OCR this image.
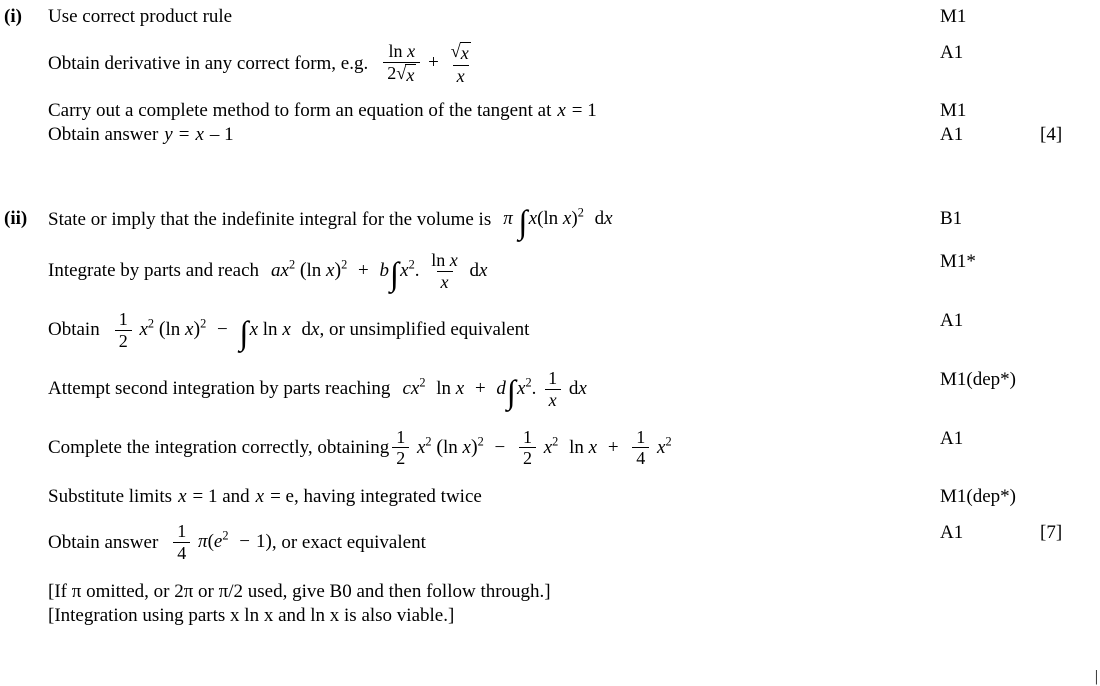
(i)	Use correct product rule	M1
Obtain derivative in any correct form, e.g. $\frac{\text{ln x}}{2 √ x} + \frac{√ x}{x}$	A1
Carry out a complete method to form an equation of the tangent at x = 1	M1
Obtain answer y = x – 1	A1	[4]
(ii)	State or imply that the indefinite integral for the volume is π ∫x(ln x)$^2$ dx	B1
Integrate by parts and reach $ax^2$ (ln $x)^2 + b\int x^2$. $\frac{\text{ln x}}{x}$ dx	M1*
Obtain $\frac{1}{2} x^2$ (ln x)$^2$ − ∫x ln x dx , or unsimplified equivalent	A1
Attempt second integration by parts reaching $cx^2$ $\ln x + d\int x^2$. $\frac{1}{x}$ dx	M1(dep*)
Complete the integration correctly, obtaining $\frac{1}{2} x^2$ (ln $x)^2 - \frac{1}{2} x^2$ $\ln x + \frac{1}{4} x^2$	A1
Substitute limits x = 1 and x = e, having integrated twice	M1(dep*)
Obtain answer $\frac{1}{4} \pi(e^2 - 1)$ , or exact equivalent	A1	[7]
[If π omitted, or 2π or π/2 used, give B0 and then follow through.]
[Integration using parts x ln x and ln x is also viable.]
|
